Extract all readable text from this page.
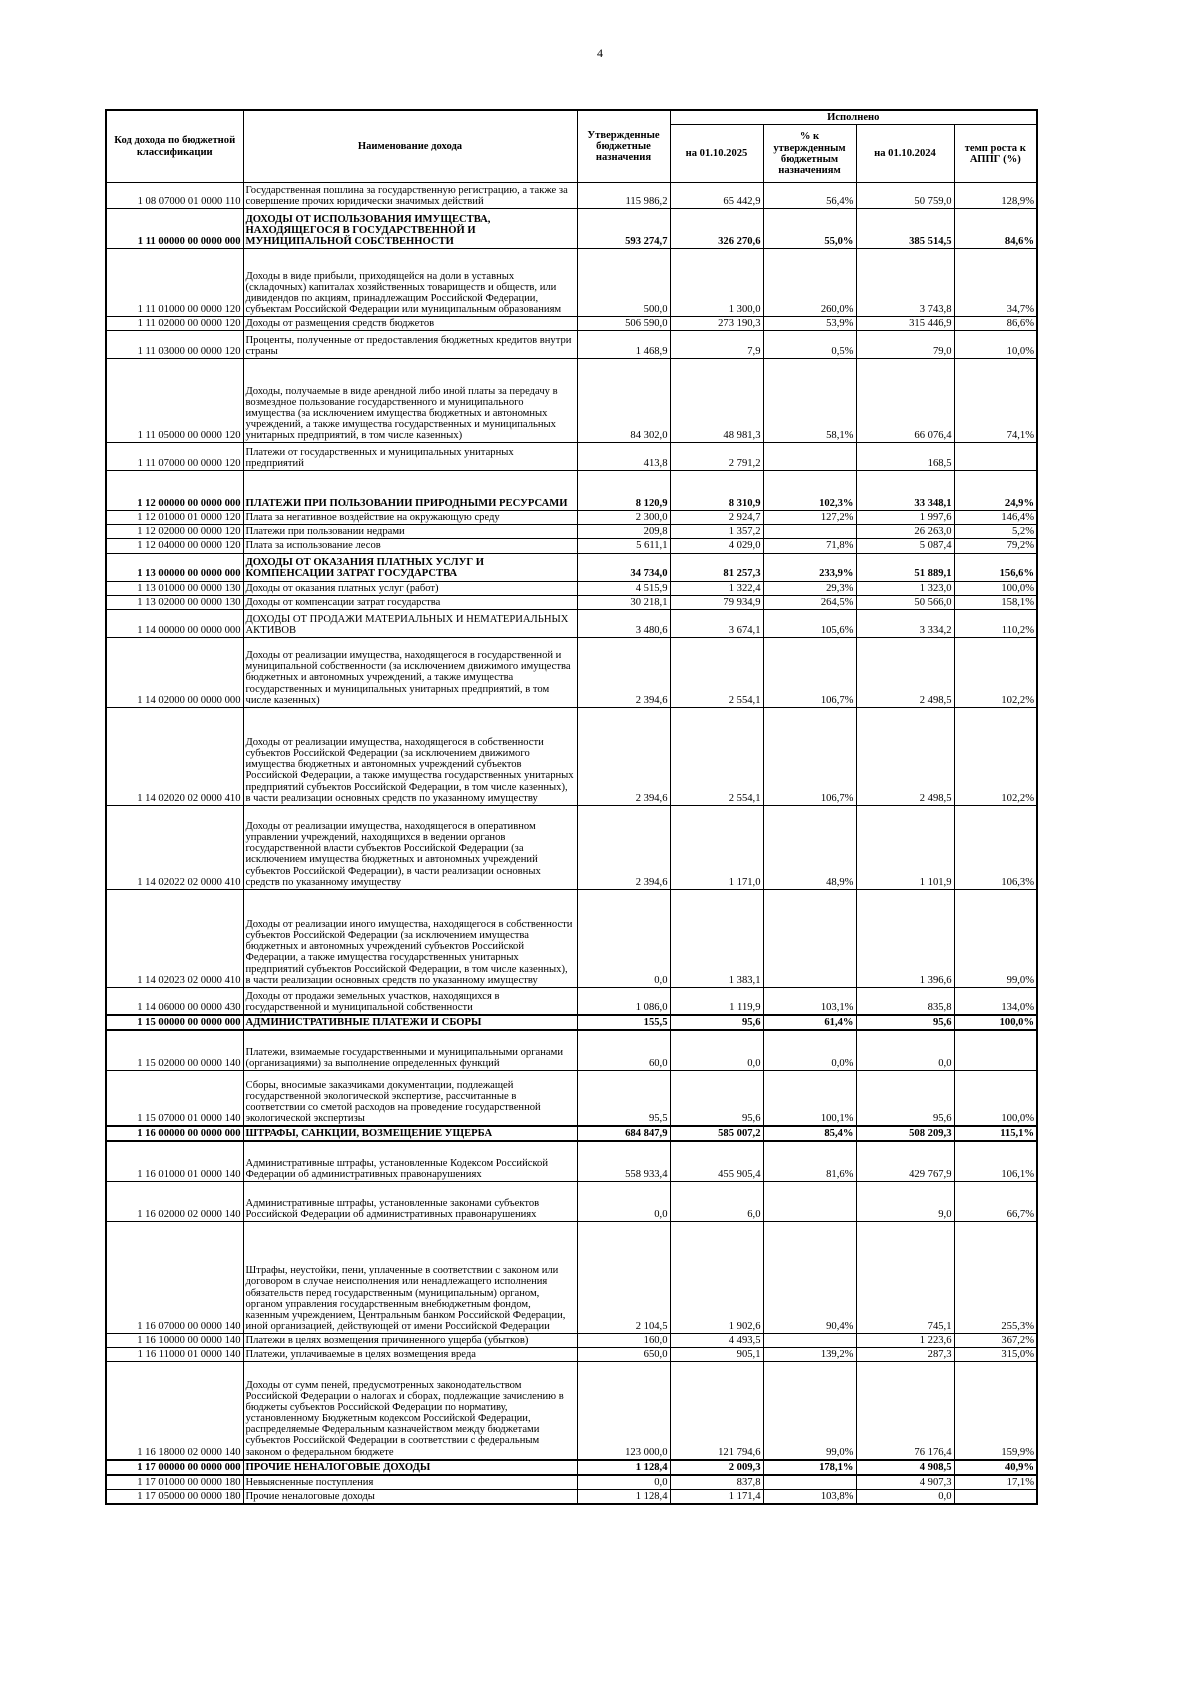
4
Код дохода по бюджетной классификации	Наименование дохода	Утвержденные бюджетные назначения	Исполнено			
			на 01.10.2025	% к утвержденным бюджетным назначениям	на 01.10.2024	темп роста к АППГ (%)
1 08 07000 01 0000 110	Государственная пошлина за государственную регистрацию, а также за совершение прочих юридически значимых действий	115 986,2	65 442,9	56,4%	50 759,0	128,9%
1 11 00000 00 0000 000	ДОХОДЫ ОТ ИСПОЛЬЗОВАНИЯ ИМУЩЕСТВА, НАХОДЯЩЕГОСЯ В ГОСУДАРСТВЕННОЙ И МУНИЦИПАЛЬНОЙ СОБСТВЕННОСТИ	593 274,7	326 270,6	55,0%	385 514,5	84,6%
1 11 01000 00 0000 120	Доходы в виде прибыли, приходящейся на доли в уставных (складочных) капиталах хозяйственных товариществ и обществ, или дивидендов по акциям, принадлежащим Российской Федерации, субъектам Российской Федерации или муниципальным образованиям	500,0	1 300,0	260,0%	3 743,8	34,7%
1 11 02000 00 0000 120	Доходы от размещения средств бюджетов	506 590,0	273 190,3	53,9%	315 446,9	86,6%
1 11 03000 00 0000 120	Проценты, полученные от предоставления бюджетных кредитов внутри страны	1 468,9	7,9	0,5%	79,0	10,0%
1 11 05000 00 0000 120	Доходы, получаемые в виде арендной либо иной платы за передачу в возмездное пользование государственного и муниципального имущества (за исключением имущества бюджетных и автономных учреждений, а также имущества государственных и муниципальных унитарных предприятий, в том числе казенных)	84 302,0	48 981,3	58,1%	66 076,4	74,1%
1 11 07000 00 0000 120	Платежи от государственных и муниципальных унитарных предприятий	413,8	2 791,2		168,5	
1 12 00000 00 0000 000	ПЛАТЕЖИ ПРИ ПОЛЬЗОВАНИИ ПРИРОДНЫМИ РЕСУРСАМИ	8 120,9	8 310,9	102,3%	33 348,1	24,9%
1 12 01000 01 0000 120	Плата за негативное воздействие на окружающую среду	2 300,0	2 924,7	127,2%	1 997,6	146,4%
1 12 02000 00 0000 120	Платежи при пользовании недрами	209,8	1 357,2		26 263,0	5,2%
1 12 04000 00 0000 120	Плата за использование лесов	5 611,1	4 029,0	71,8%	5 087,4	79,2%
1 13 00000 00 0000 000	ДОХОДЫ ОТ ОКАЗАНИЯ ПЛАТНЫХ УСЛУГ И КОМПЕНСАЦИИ ЗАТРАТ ГОСУДАРСТВА	34 734,0	81 257,3	233,9%	51 889,1	156,6%
1 13 01000 00 0000 130	Доходы от оказания платных услуг (работ)	4 515,9	1 322,4	29,3%	1 323,0	100,0%
1 13 02000 00 0000 130	Доходы от компенсации затрат государства	30 218,1	79 934,9	264,5%	50 566,0	158,1%
1 14 00000 00 0000 000	ДОХОДЫ ОТ ПРОДАЖИ МАТЕРИАЛЬНЫХ И НЕМАТЕРИАЛЬНЫХ АКТИВОВ	3 480,6	3 674,1	105,6%	3 334,2	110,2%
1 14 02000 00 0000 000	Доходы от реализации имущества, находящегося в государственной и муниципальной собственности (за исключением движимого имущества бюджетных и автономных учреждений, а также имущества государственных и муниципальных унитарных предприятий, в том числе казенных)	2 394,6	2 554,1	106,7%	2 498,5	102,2%
1 14 02020 02 0000 410	Доходы от реализации имущества, находящегося в собственности субъектов Российской Федерации (за исключением движимого имущества бюджетных и автономных учреждений субъектов Российской Федерации, а также имущества государственных унитарных предприятий субъектов Российской Федерации, в том числе казенных), в части реализации основных средств по указанному имуществу	2 394,6	2 554,1	106,7%	2 498,5	102,2%
1 14 02022 02 0000 410	Доходы от реализации имущества, находящегося в оперативном управлении учреждений, находящихся в ведении органов государственной власти субъектов Российской Федерации (за исключением имущества бюджетных и автономных учреждений субъектов Российской Федерации), в части реализации основных средств по указанному имуществу	2 394,6	1 171,0	48,9%	1 101,9	106,3%
1 14 02023 02 0000 410	Доходы от реализации иного имущества, находящегося в собственности субъектов Российской Федерации (за исключением имущества бюджетных и автономных учреждений субъектов Российской Федерации, а также имущества государственных унитарных предприятий субъектов Российской Федерации, в том числе казенных), в части реализации основных средств по указанному имуществу	0,0	1 383,1		1 396,6	99,0%
1 14 06000 00 0000 430	Доходы от продажи земельных участков, находящихся в государственной и муниципальной собственности	1 086,0	1 119,9	103,1%	835,8	134,0%
1 15 00000 00 0000 000	АДМИНИСТРАТИВНЫЕ ПЛАТЕЖИ И СБОРЫ	155,5	95,6	61,4%	95,6	100,0%
1 15 02000 00 0000 140	Платежи, взимаемые государственными и муниципальными органами (организациями) за выполнение определенных функций	60,0	0,0	0,0%	0,0	
1 15 07000 01 0000 140	Сборы, вносимые заказчиками документации, подлежащей государственной экологической экспертизе, рассчитанные в соответствии со сметой расходов на проведение государственной экологической экспертизы	95,5	95,6	100,1%	95,6	100,0%
1 16 00000 00 0000 000	ШТРАФЫ, САНКЦИИ, ВОЗМЕЩЕНИЕ УЩЕРБА	684 847,9	585 007,2	85,4%	508 209,3	115,1%
1 16 01000 01 0000 140	Административные штрафы, установленные Кодексом Российской Федерации об административных правонарушениях	558 933,4	455 905,4	81,6%	429 767,9	106,1%
1 16 02000 02 0000 140	Административные штрафы, установленные законами субъектов Российской Федерации об административных правонарушениях	0,0	6,0		9,0	66,7%
1 16 07000 00 0000 140	Штрафы, неустойки, пени, уплаченные в соответствии с законом или договором в случае неисполнения или ненадлежащего исполнения обязательств перед государственным (муниципальным) органом, органом управления государственным внебюджетным фондом, казенным учреждением, Центральным банком Российской Федерации, иной организацией, действующей от имени Российской Федерации	2 104,5	1 902,6	90,4%	745,1	255,3%
1 16 10000 00 0000 140	Платежи в целях возмещения причиненного ущерба (убытков)	160,0	4 493,5		1 223,6	367,2%
1 16 11000 01 0000 140	Платежи, уплачиваемые в целях возмещения вреда	650,0	905,1	139,2%	287,3	315,0%
1 16 18000 02 0000 140	Доходы от сумм пеней, предусмотренных законодательством Российской Федерации о налогах и сборах, подлежащие зачислению в бюджеты субъектов Российской Федерации по нормативу, установленному Бюджетным кодексом Российской Федерации, распределяемые Федеральным казначейством между бюджетами субъектов Российской Федерации в соответствии с федеральным законом о федеральном бюджете	123 000,0	121 794,6	99,0%	76 176,4	159,9%
1 17 00000 00 0000 000	ПРОЧИЕ НЕНАЛОГОВЫЕ ДОХОДЫ	1 128,4	2 009,3	178,1%	4 908,5	40,9%
1 17 01000 00 0000 180	Невыясненные поступления	0,0	837,8		4 907,3	17,1%
1 17 05000 00 0000 180	Прочие неналоговые доходы	1 128,4	1 171,4	103,8%	0,0	
